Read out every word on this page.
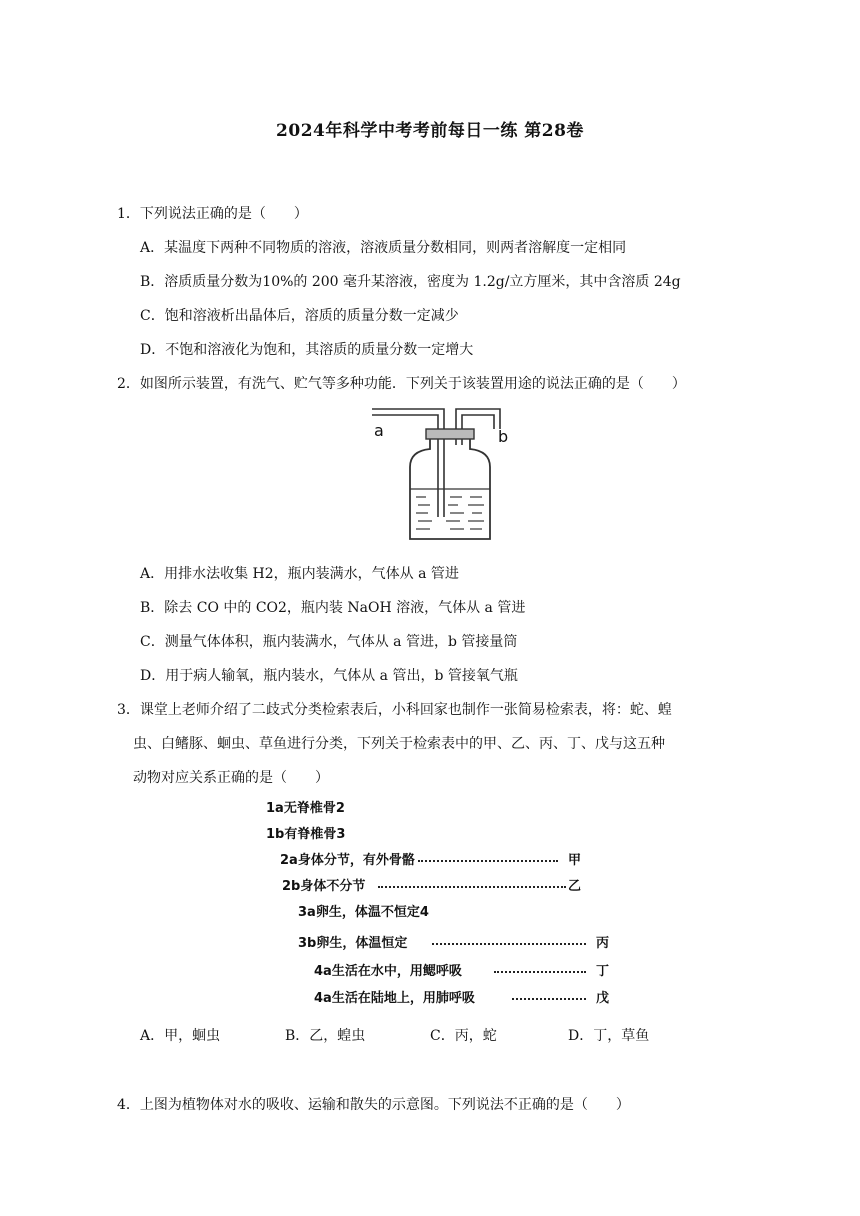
2024年科学中考考前每日一练 第28卷
1．下列说法正确的是（　　）
A．某温度下两种不同物质的溶液，溶液质量分数相同，则两者溶解度一定相同
B．溶质质量分数为10%的 200 毫升某溶液，密度为 1.2g/立方厘米，其中含溶质 24g
C．饱和溶液析出晶体后，溶质的质量分数一定减少
D．不饱和溶液化为饱和，其溶质的质量分数一定增大
2．如图所示装置，有洗气、贮气等多种功能．下列关于该装置用途的说法正确的是（　　）
a	b
A．用排水法收集 H2，瓶内装满水，气体从 a 管进
B．除去 CO 中的 CO2，瓶内装 NaOH 溶液，气体从 a 管进
C．测量气体体积，瓶内装满水，气体从 a 管进，b 管接量筒
D．用于病人输氧，瓶内装水，气体从 a 管出，b 管接氧气瓶
3．课堂上老师介绍了二歧式分类检索表后，小科回家也制作一张简易检索表，将：蛇、蝗
虫、白鳍豚、蛔虫、草鱼进行分类，下列关于检索表中的甲、乙、丙、丁、戊与这五种
动物对应关系正确的是（　　）
1a无脊椎骨2
1b有脊椎骨3
2a身体分节，有外骨骼	甲
2b身体不分节	乙
3a卵生，体温不恒定4
3b卵生，体温恒定	丙
4a生活在水中，用鳃呼吸	丁
4a生活在陆地上，用肺呼吸	戊
A．甲，蛔虫	B．乙，蝗虫	C．丙，蛇	D．丁，草鱼
4．上图为植物体对水的吸收、运输和散失的示意图。下列说法不正确的是（　　）
